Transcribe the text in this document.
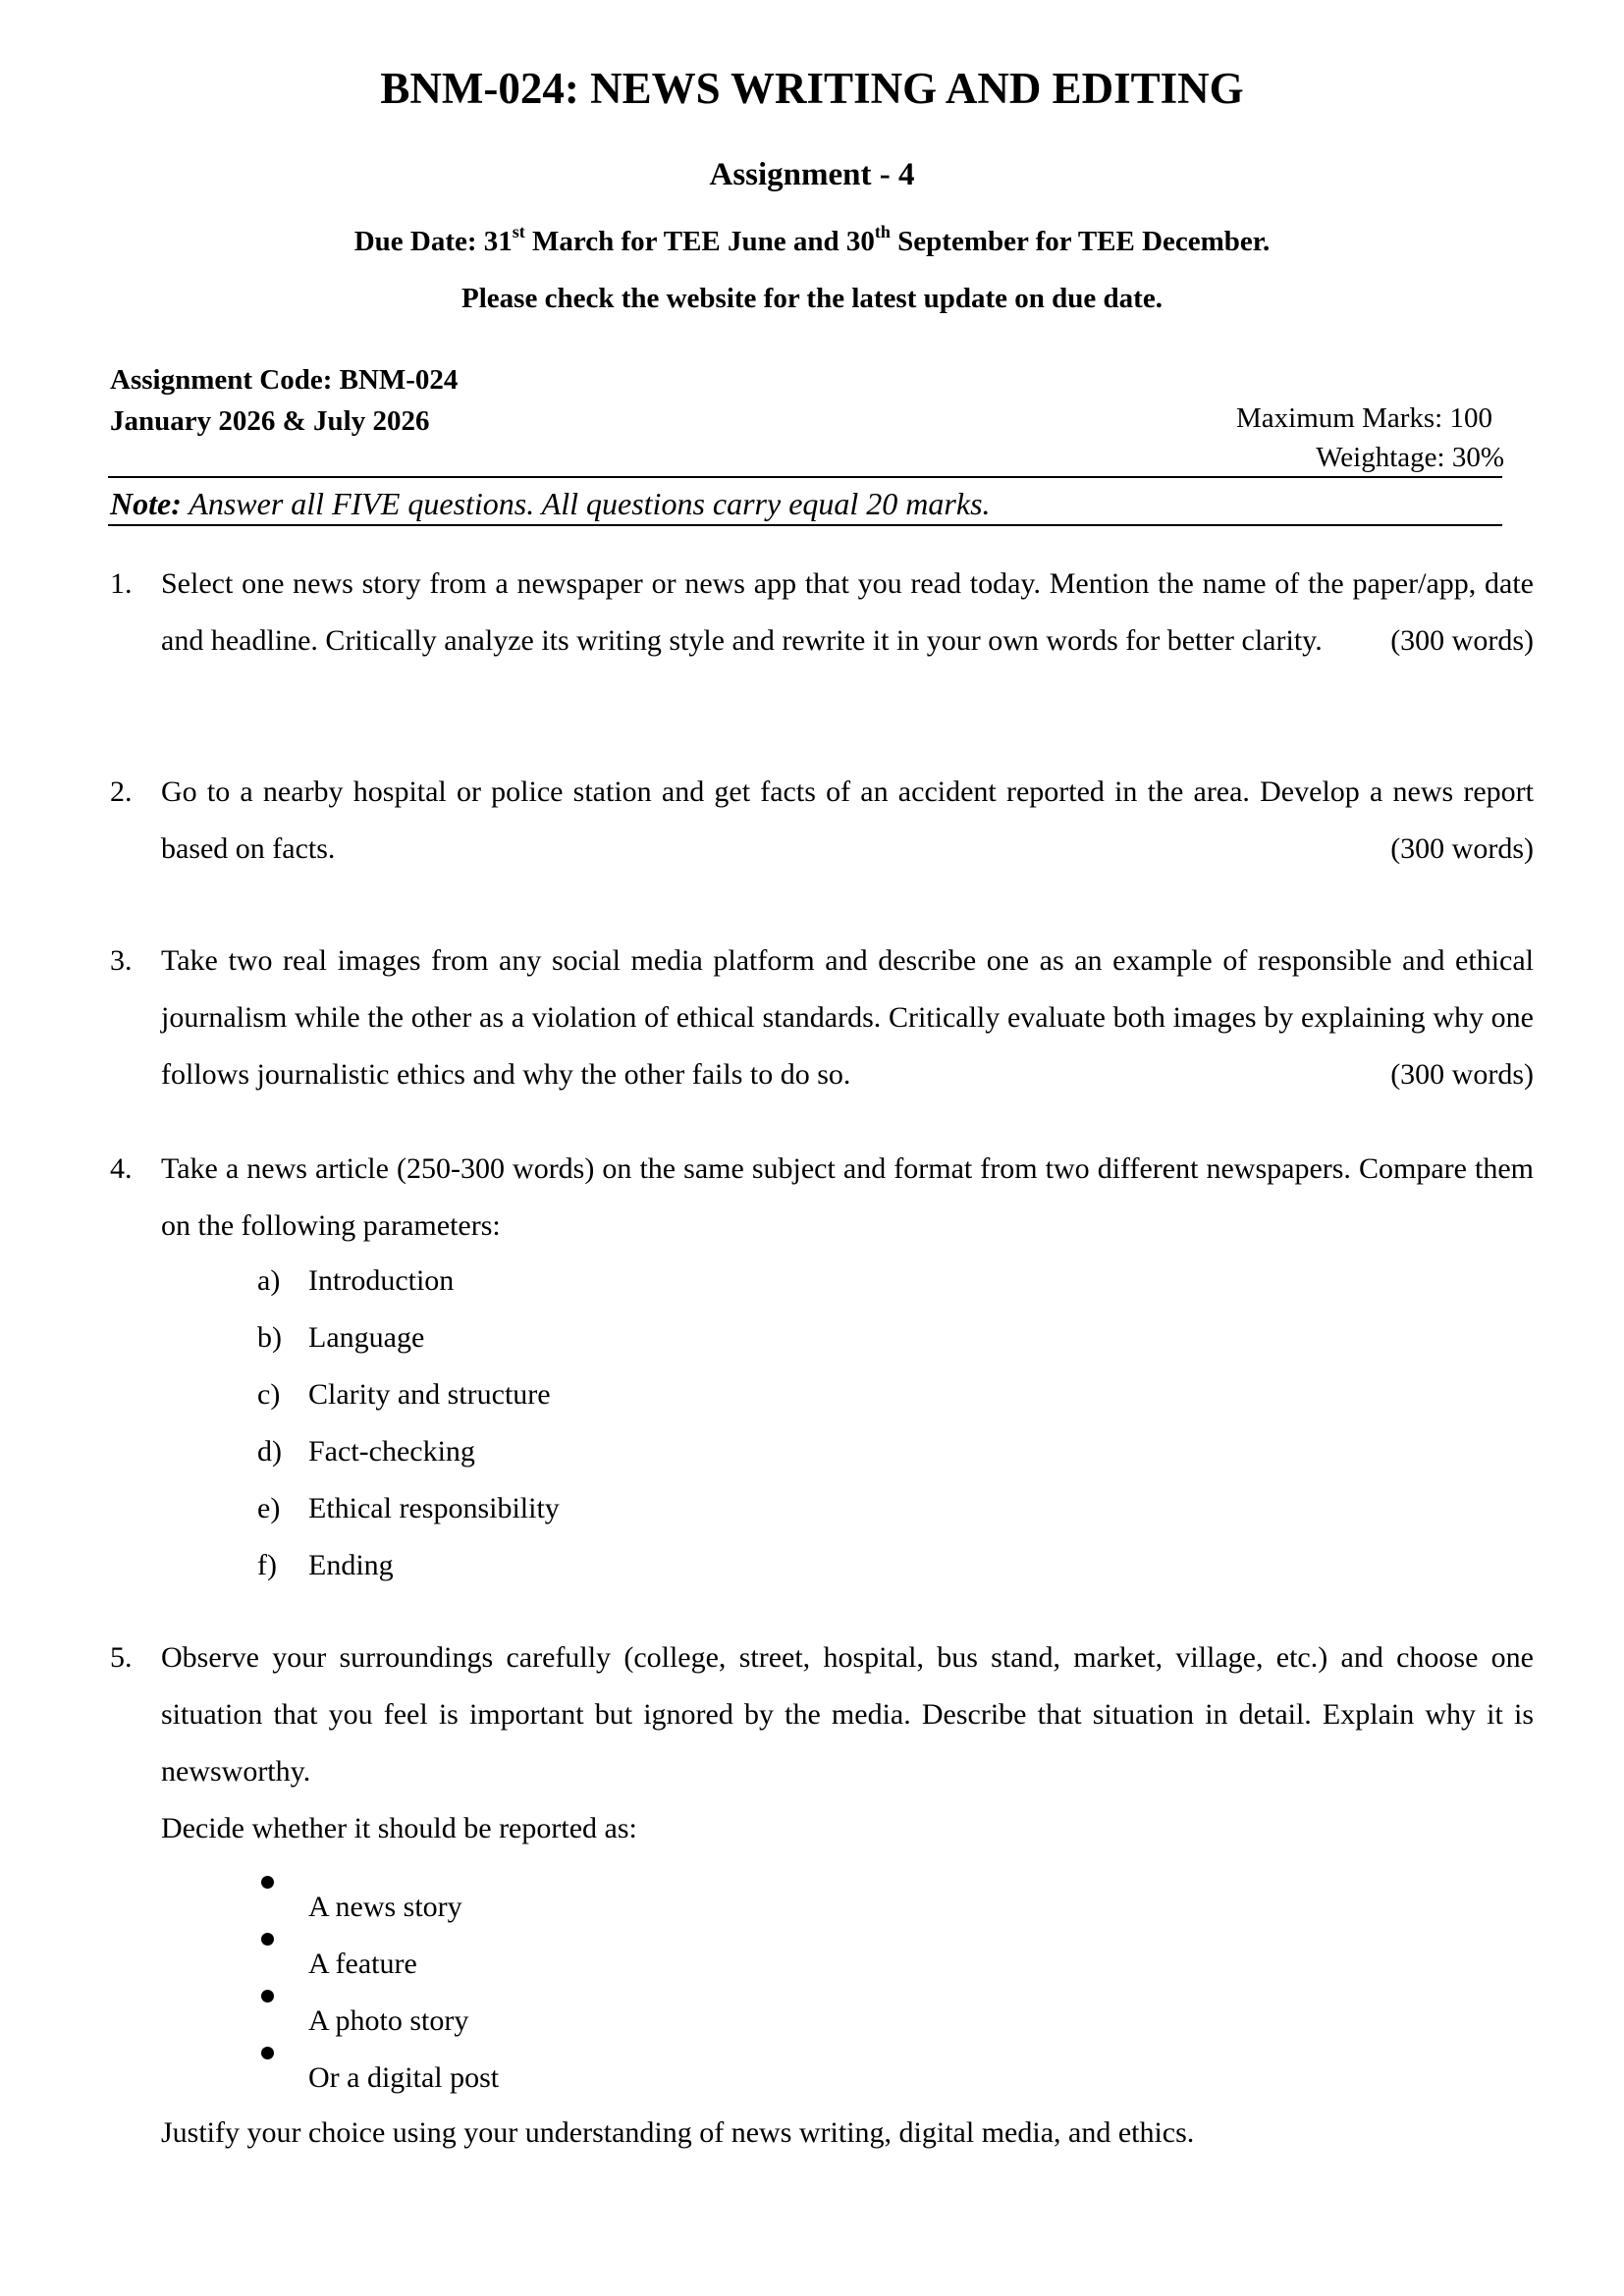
BNM-024: NEWS WRITING AND EDITING
Assignment - 4
Due Date: 31st March for TEE June and 30th September for TEE December.
Please check the website for the latest update on due date.
Assignment Code: BNM-024
January 2026 & July 2026	Maximum Marks: 100
Weightage: 30%
Note: Answer all FIVE questions. All questions carry equal 20 marks.
1. Select one news story from a newspaper or news app that you read today. Mention the name of the paper/app, date and headline. Critically analyze its writing style and rewrite it in your own words for better clarity. (300 words)
2. Go to a nearby hospital or police station and get facts of an accident reported in the area. Develop a news report based on facts.	(300 words)
3. Take two real images from any social media platform and describe one as an example of responsible and ethical journalism while the other as a violation of ethical standards. Critically evaluate both images by explaining why one follows journalistic ethics and why the other fails to do so.	(300 words)
4. Take a news article (250-300 words) on the same subject and format from two different newspapers. Compare them on the following parameters:
a) Introduction
b) Language
c) Clarity and structure
d) Fact-checking
e) Ethical responsibility
f)	Ending
5. Observe your surroundings carefully (college, street, hospital, bus stand, market, village, etc.) and choose one situation that you feel is important but ignored by the media. Describe that situation in detail. Explain why it is newsworthy.
Decide whether it should be reported as:
A news story
A feature
A photo story
Or a digital post
Justify your choice using your understanding of news writing, digital media, and ethics.
